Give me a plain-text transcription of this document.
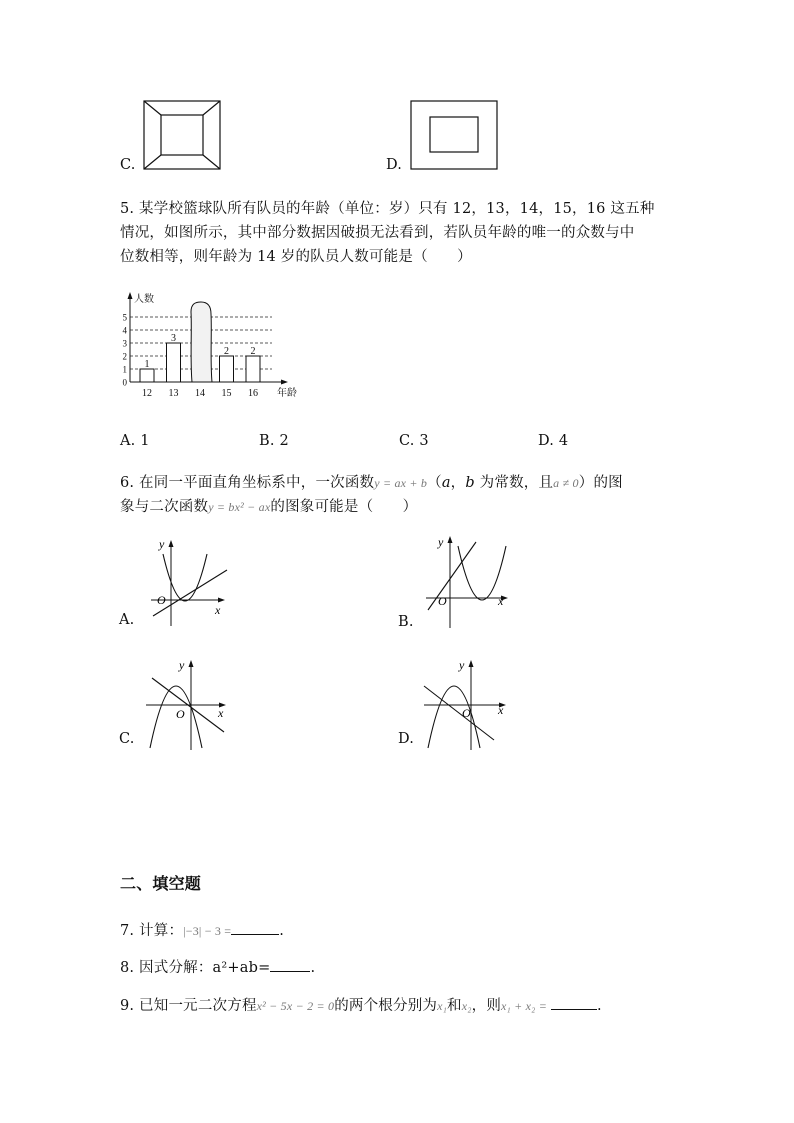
C.	D.
5. 某学校篮球队所有队员的年龄（单位：岁）只有 12，13，14，15，16 这五种
情况，如图所示，其中部分数据因破损无法看到，若队员年龄的唯一的众数与中
位数相等，则年龄为 14 岁的队员人数可能是（　　）
人数
年龄
0
1
2
3
4
5
12 13 14 15 16
1
3
2 2
A. 1	B. 2	C. 3	D. 4
6. 在同一平面直角坐标系中，一次函数y = ax + b（a，b 为常数，且a ≠ 0）的图
象与二次函数y = bx² − ax的图象可能是（　　）
A.
y
x
O
B.
y
x
O
C.
y
x
O
D.
y
x
O
二、填空题
7. 计算：|−3| − 3 =	.
8. 因式分解：a²+ab=	.
9. 已知一元二次方程x² − 5x − 2 = 0的两个根分别为x₁和x₂，则x₁ + x₂ =	.
